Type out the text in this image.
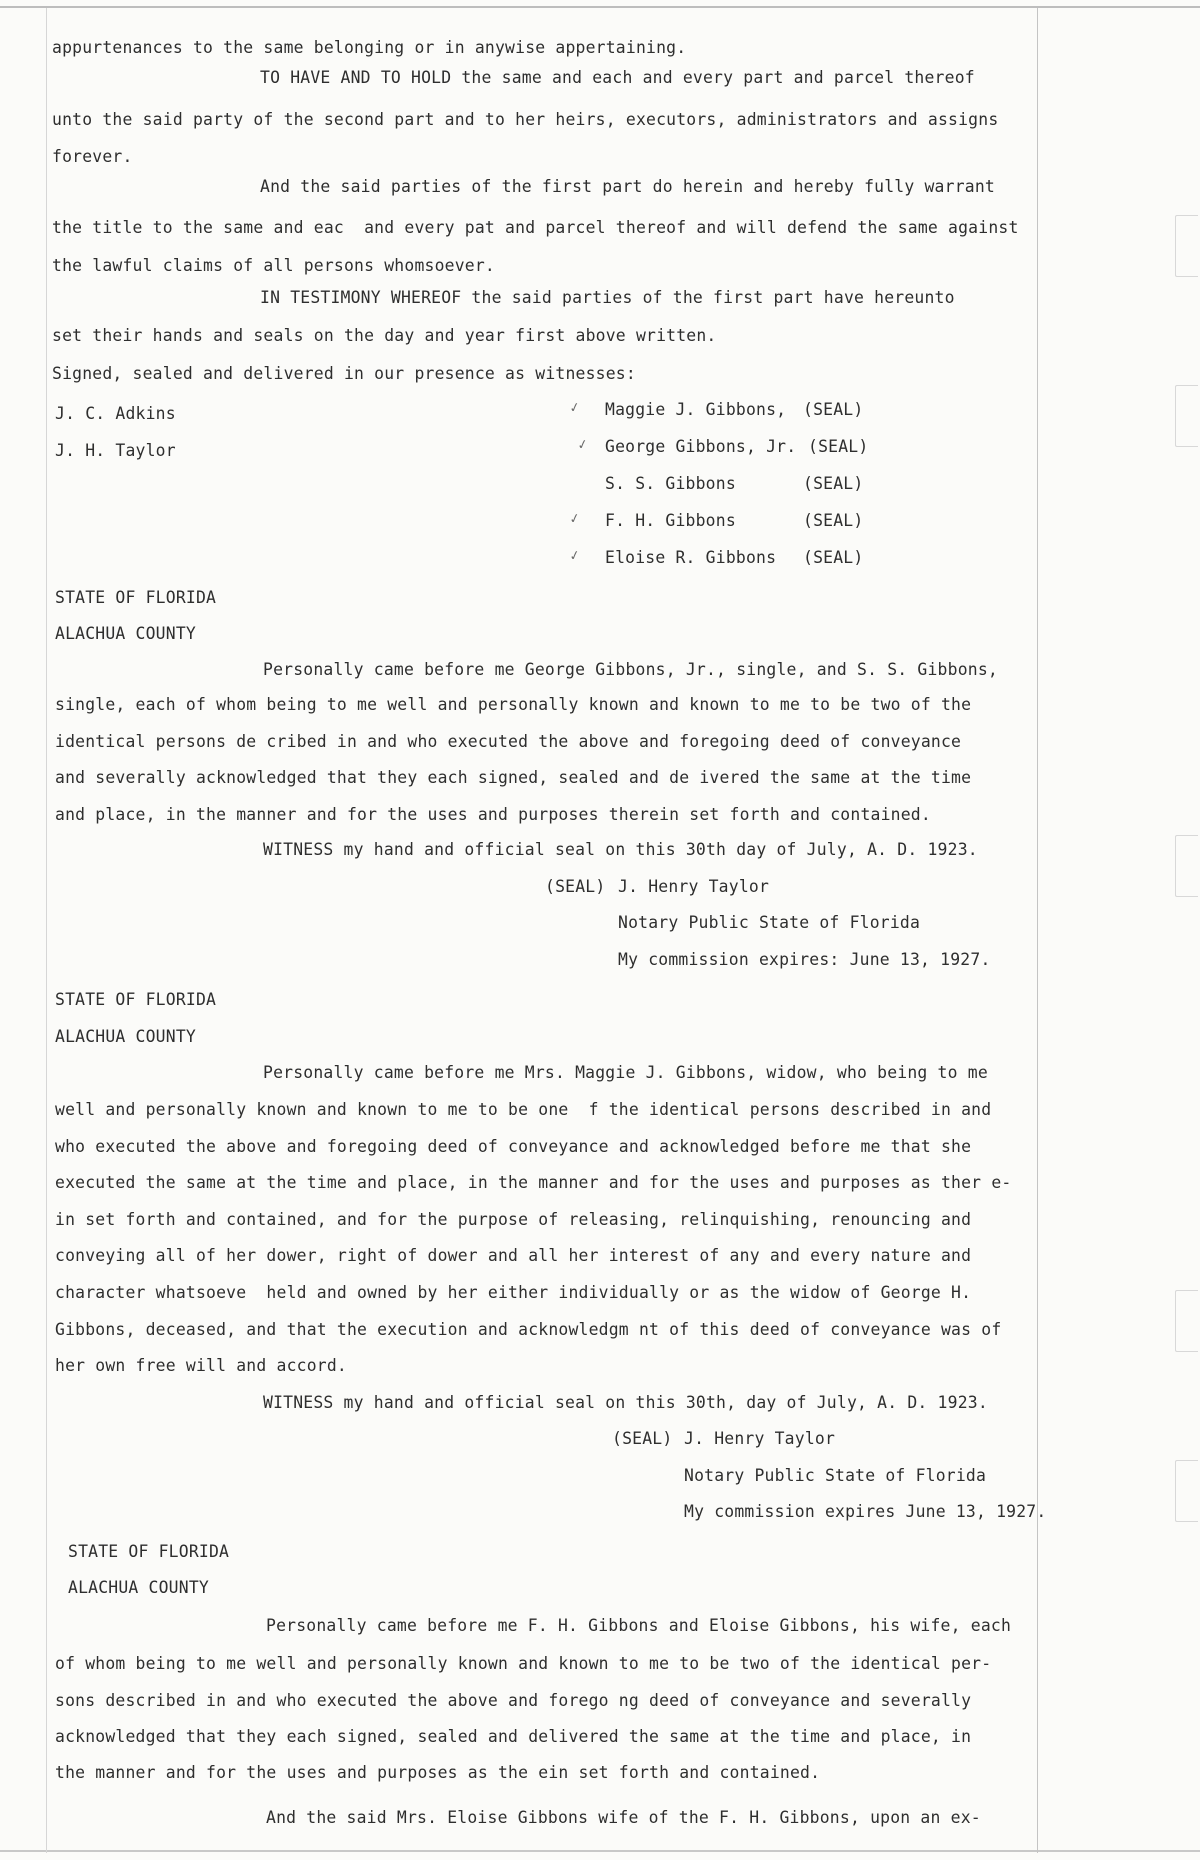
appurtenances to the same belonging or in anywise appertaining.
TO HAVE AND TO HOLD the same and each and every part and parcel thereof
unto the said party of the second part and to her heirs, executors, administrators and assigns
forever.
And the said parties of the first part do herein and hereby fully warrant
the title to the same and eac  and every pat and parcel thereof and will defend the same against
the lawful claims of all persons whomsoever.
IN TESTIMONY WHEREOF the said parties of the first part have hereunto
set their hands and seals on the day and year first above written.
Signed, sealed and delivered in our presence as witnesses:
J. C. Adkins
J. H. Taylor
✓ Maggie J. Gibbons, (SEAL)
✓ George Gibbons, Jr. (SEAL)
S. S. Gibbons	(SEAL)
✓ F. H. Gibbons	(SEAL)
✓ Eloise R. Gibbons (SEAL)
STATE OF FLORIDA
ALACHUA COUNTY
Personally came before me George Gibbons, Jr., single, and S. S. Gibbons,
single, each of whom being to me well and personally known and known to me to be two of the
identical persons de cribed in and who executed the above and foregoing deed of conveyance
and severally acknowledged that they each signed, sealed and de ivered the same at the time
and place, in the manner and for the uses and purposes therein set forth and contained.
WITNESS my hand and official seal on this 30th day of July, A. D. 1923.
(SEAL) J. Henry Taylor
Notary Public State of Florida
My commission expires: June 13, 1927.
STATE OF FLORIDA
ALACHUA COUNTY
Personally came before me Mrs. Maggie J. Gibbons, widow, who being to me
well and personally known and known to me to be one  f the identical persons described in and
who executed the above and foregoing deed of conveyance and acknowledged before me that she
executed the same at the time and place, in the manner and for the uses and purposes as ther e-
in set forth and contained, and for the purpose of releasing, relinquishing, renouncing and
conveying all of her dower, right of dower and all her interest of any and every nature and
character whatsoeve  held and owned by her either individually or as the widow of George H.
Gibbons, deceased, and that the execution and acknowledgm nt of this deed of conveyance was of
her own free will and accord.
WITNESS my hand and official seal on this 30th, day of July, A. D. 1923.
(SEAL) J. Henry Taylor
Notary Public State of Florida
My commission expires June 13, 1927.
STATE OF FLORIDA
ALACHUA COUNTY
Personally came before me F. H. Gibbons and Eloise Gibbons, his wife, each
of whom being to me well and personally known and known to me to be two of the identical per-
sons described in and who executed the above and forego ng deed of conveyance and severally
acknowledged that they each signed, sealed and delivered the same at the time and place, in
the manner and for the uses and purposes as the ein set forth and contained.
And the said Mrs. Eloise Gibbons wife of the F. H. Gibbons, upon an ex-
